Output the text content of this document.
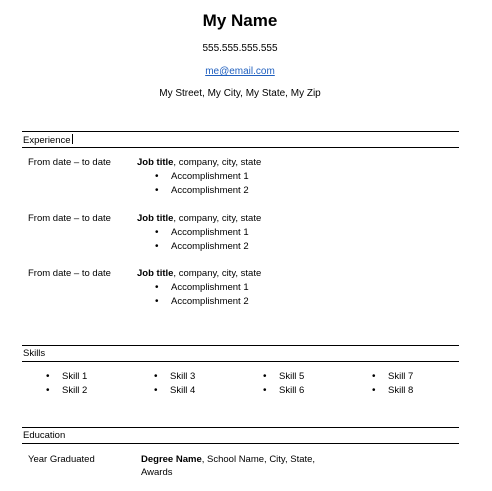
My Name
555.555.555.555
me@email.com
My Street, My City, My State, My Zip
Experience
From date – to date	Job title, company, city, state
• Accomplishment 1
• Accomplishment 2
From date – to date	Job title, company, city, state
• Accomplishment 1
• Accomplishment 2
From date – to date	Job title, company, city, state
• Accomplishment 1
• Accomplishment 2
Skills
• Skill 1
• Skill 2
• Skill 3
• Skill 4
• Skill 5
• Skill 6
• Skill 7
• Skill 8
Education
Year Graduated	Degree Name, School Name, City, State,
Awards
